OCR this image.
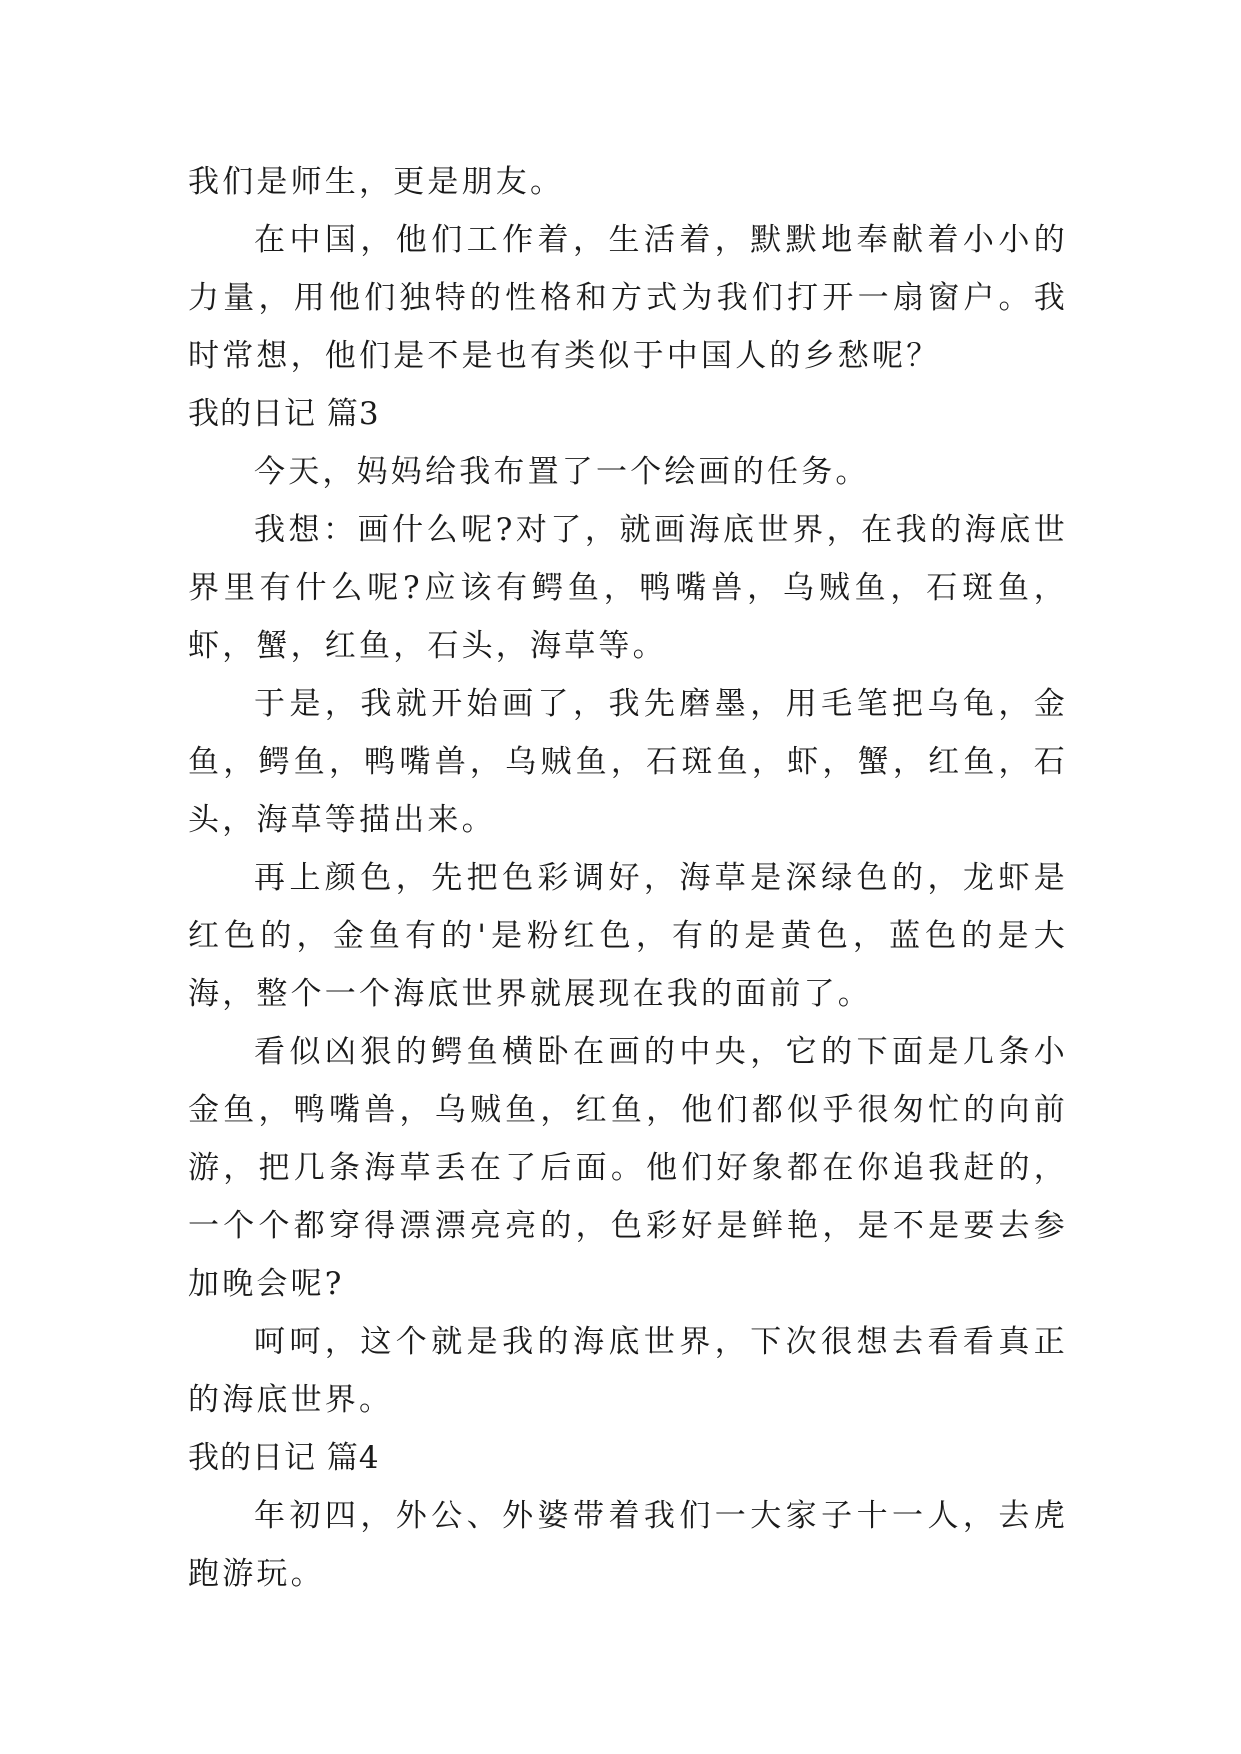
我们是师生，更是朋友。

在中国，他们工作着，生活着，默默地奉献着小小的力量，用他们独特的性格和方式为我们打开一扇窗户。我时常想，他们是不是也有类似于中国人的乡愁呢？

我的日记 篇3

今天，妈妈给我布置了一个绘画的任务。

我想：画什么呢?对了，就画海底世界，在我的海底世界里有什么呢?应该有鳄鱼，鸭嘴兽，乌贼鱼，石斑鱼，虾，蟹，红鱼，石头，海草等。

于是，我就开始画了，我先磨墨，用毛笔把乌龟，金鱼，鳄鱼，鸭嘴兽，乌贼鱼，石斑鱼，虾，蟹，红鱼，石头，海草等描出来。

再上颜色，先把色彩调好，海草是深绿色的，龙虾是红色的，金鱼有的'是粉红色，有的是黄色，蓝色的是大海，整个一个海底世界就展现在我的面前了。

看似凶狠的鳄鱼横卧在画的中央，它的下面是几条小金鱼，鸭嘴兽，乌贼鱼，红鱼，他们都似乎很匆忙的向前游，把几条海草丢在了后面。他们好象都在你追我赶的，一个个都穿得漂漂亮亮的，色彩好是鲜艳，是不是要去参加晚会呢?

呵呵，这个就是我的海底世界，下次很想去看看真正的海底世界。

我的日记 篇4

年初四，外公、外婆带着我们一大家子十一人，去虎跑游玩。
